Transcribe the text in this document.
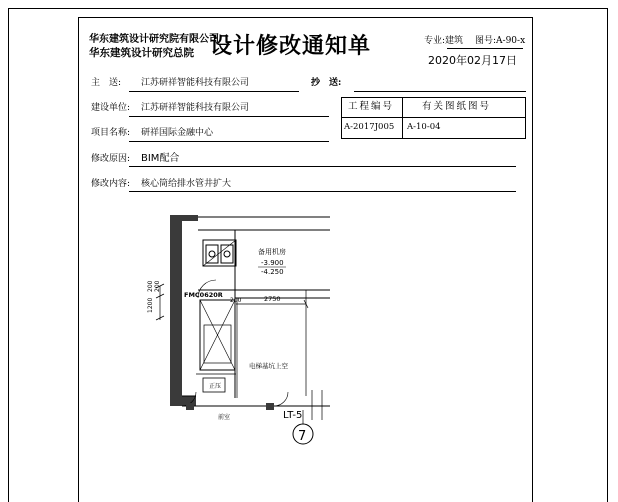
华东建筑设计研究院有限公司
华东建筑设计研究总院 设计修改通知单	专业:建筑 图号:A-90-x
2020年02月17日
主　送: 江苏研祥智能科技有限公司	抄　送:
建设单位: 江苏研祥智能科技有限公司
项目名称: 研祥国际金融中心
工程编号	有关图纸图号
A-2017J005 A-10-04
修改原因: BIM配合
修改内容: 核心筒给排水管井扩大
备用机房
-3.900
-4.250
FMC0620R
200 200
1200	200	2750
电梯基坑上空
正压
前室	LT-5
7
